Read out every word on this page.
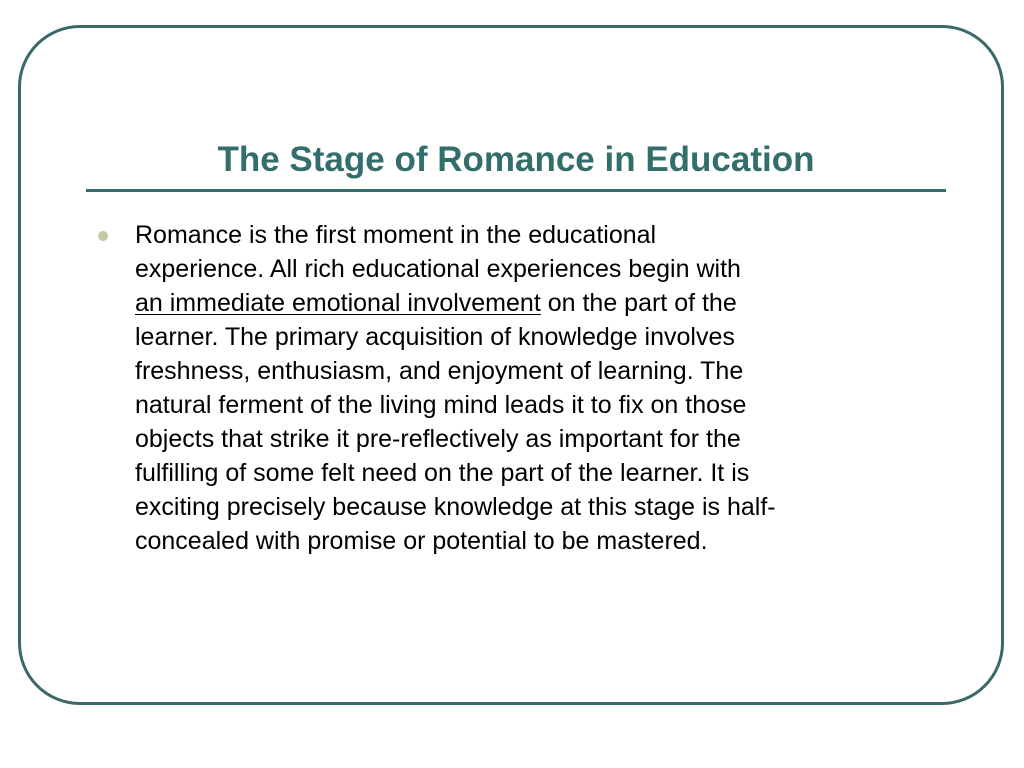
The Stage of Romance in Education
Romance is the first moment in the educational
experience. All rich educational experiences begin with
an immediate emotional involvement on the part of the
learner. The primary acquisition of knowledge involves
freshness, enthusiasm, and enjoyment of learning. The
natural ferment of the living mind leads it to fix on those
objects that strike it pre-reflectively as important for the
fulfilling of some felt need on the part of the learner. It is
exciting precisely because knowledge at this stage is half-
concealed with promise or potential to be mastered.
